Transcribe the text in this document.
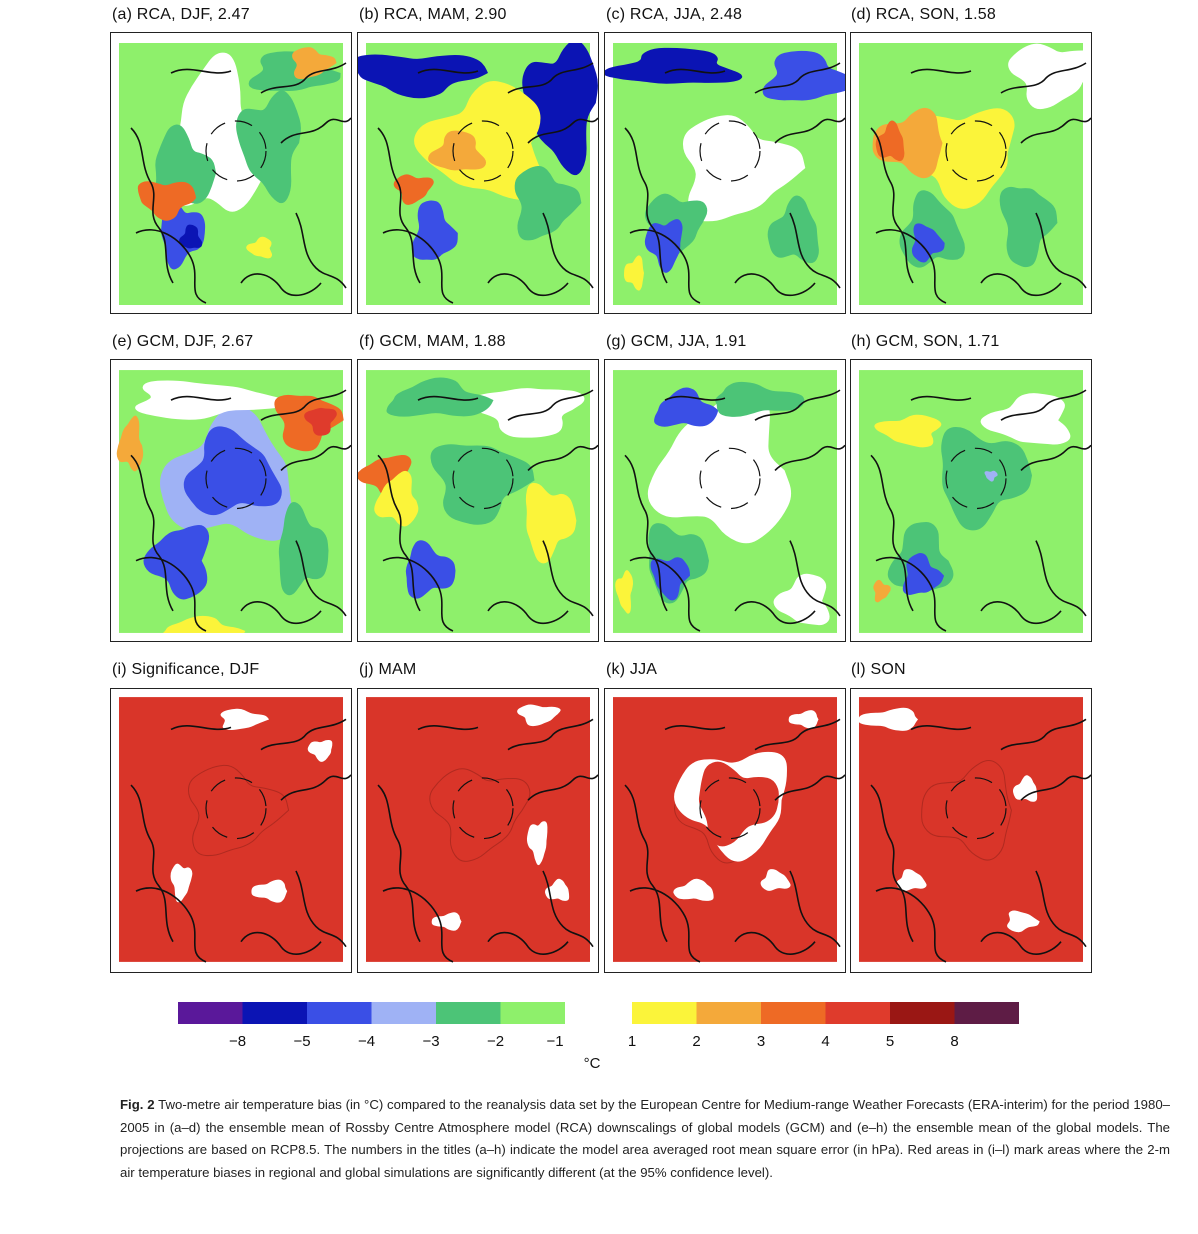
(a) RCA, DJF, 2.47	(b) RCA, MAM, 2.90	(c) RCA, JJA, 2.48	(d) RCA, SON, 1.58
(e) GCM, DJF, 2.67	(f) GCM, MAM, 1.88	(g) GCM, JJA, 1.91	(h) GCM, SON, 1.71
(i) Significance, DJF	(j) MAM	(k) JJA	(l) SON
−8	−5	−4	−3	−2	−1	1	2	3	4	5	8
°C
Fig. 2 Two-metre air temperature bias (in °C) compared to the reanalysis data set by the European Centre for Medium-range Weather Forecasts (ERA-interim) for the period 1980–2005 in (a–d) the ensemble mean of Rossby Centre Atmosphere model (RCA) downscalings of global models (GCM) and (e–h) the ensemble mean of the global models. The projections are based on RCP8.5. The numbers in the titles (a–h) indicate the model area averaged root mean square error (in hPa). Red areas in (i–l) mark areas where the 2-m air temperature biases in regional and global simulations are significantly different (at the 95% confidence level).
